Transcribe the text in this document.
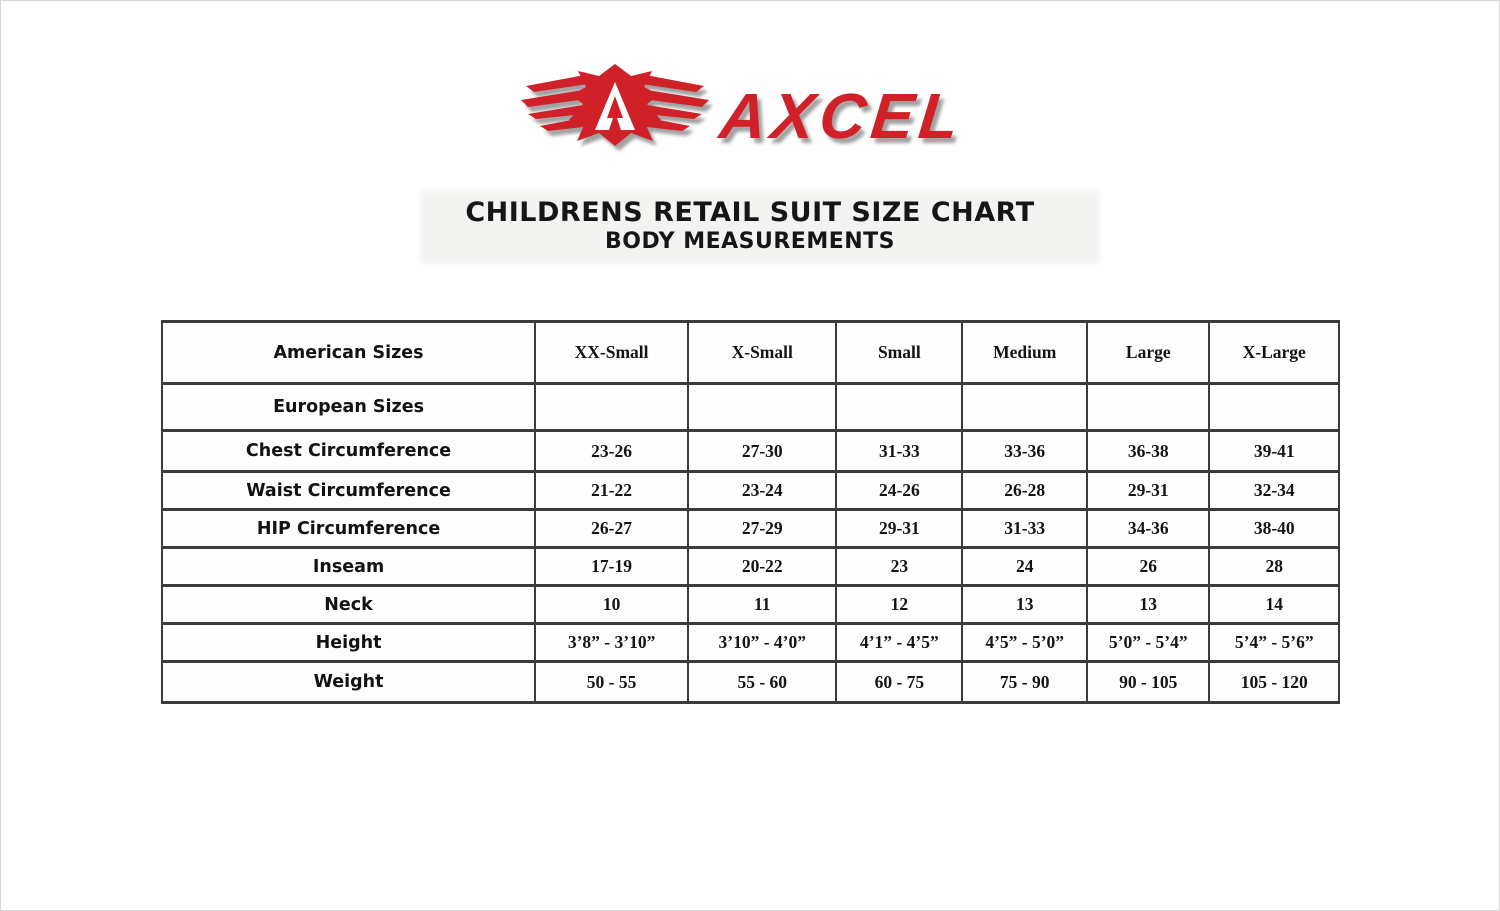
AXCEL
CHILDRENS RETAIL SUIT SIZE CHART
BODY MEASUREMENTS
American Sizes	XX-Small	X-Small	Small	Medium	Large	X-Large
European Sizes						
Chest Circumference	23-26	27-30	31-33	33-36	36-38	39-41
Waist Circumference	21-22	23-24	24-26	26-28	29-31	32-34
HIP Circumference	26-27	27-29	29-31	31-33	34-36	38-40
Inseam	17-19	20-22	23	24	26	28
Neck	10	11	12	13	13	14
Height	3’8” - 3’10”	3’10” - 4’0”	4’1” - 4’5”	4’5” - 5’0”	5’0” - 5’4”	5’4” - 5’6”
Weight	50 - 55	55 - 60	60 - 75	75 - 90	90 - 105	105 - 120
